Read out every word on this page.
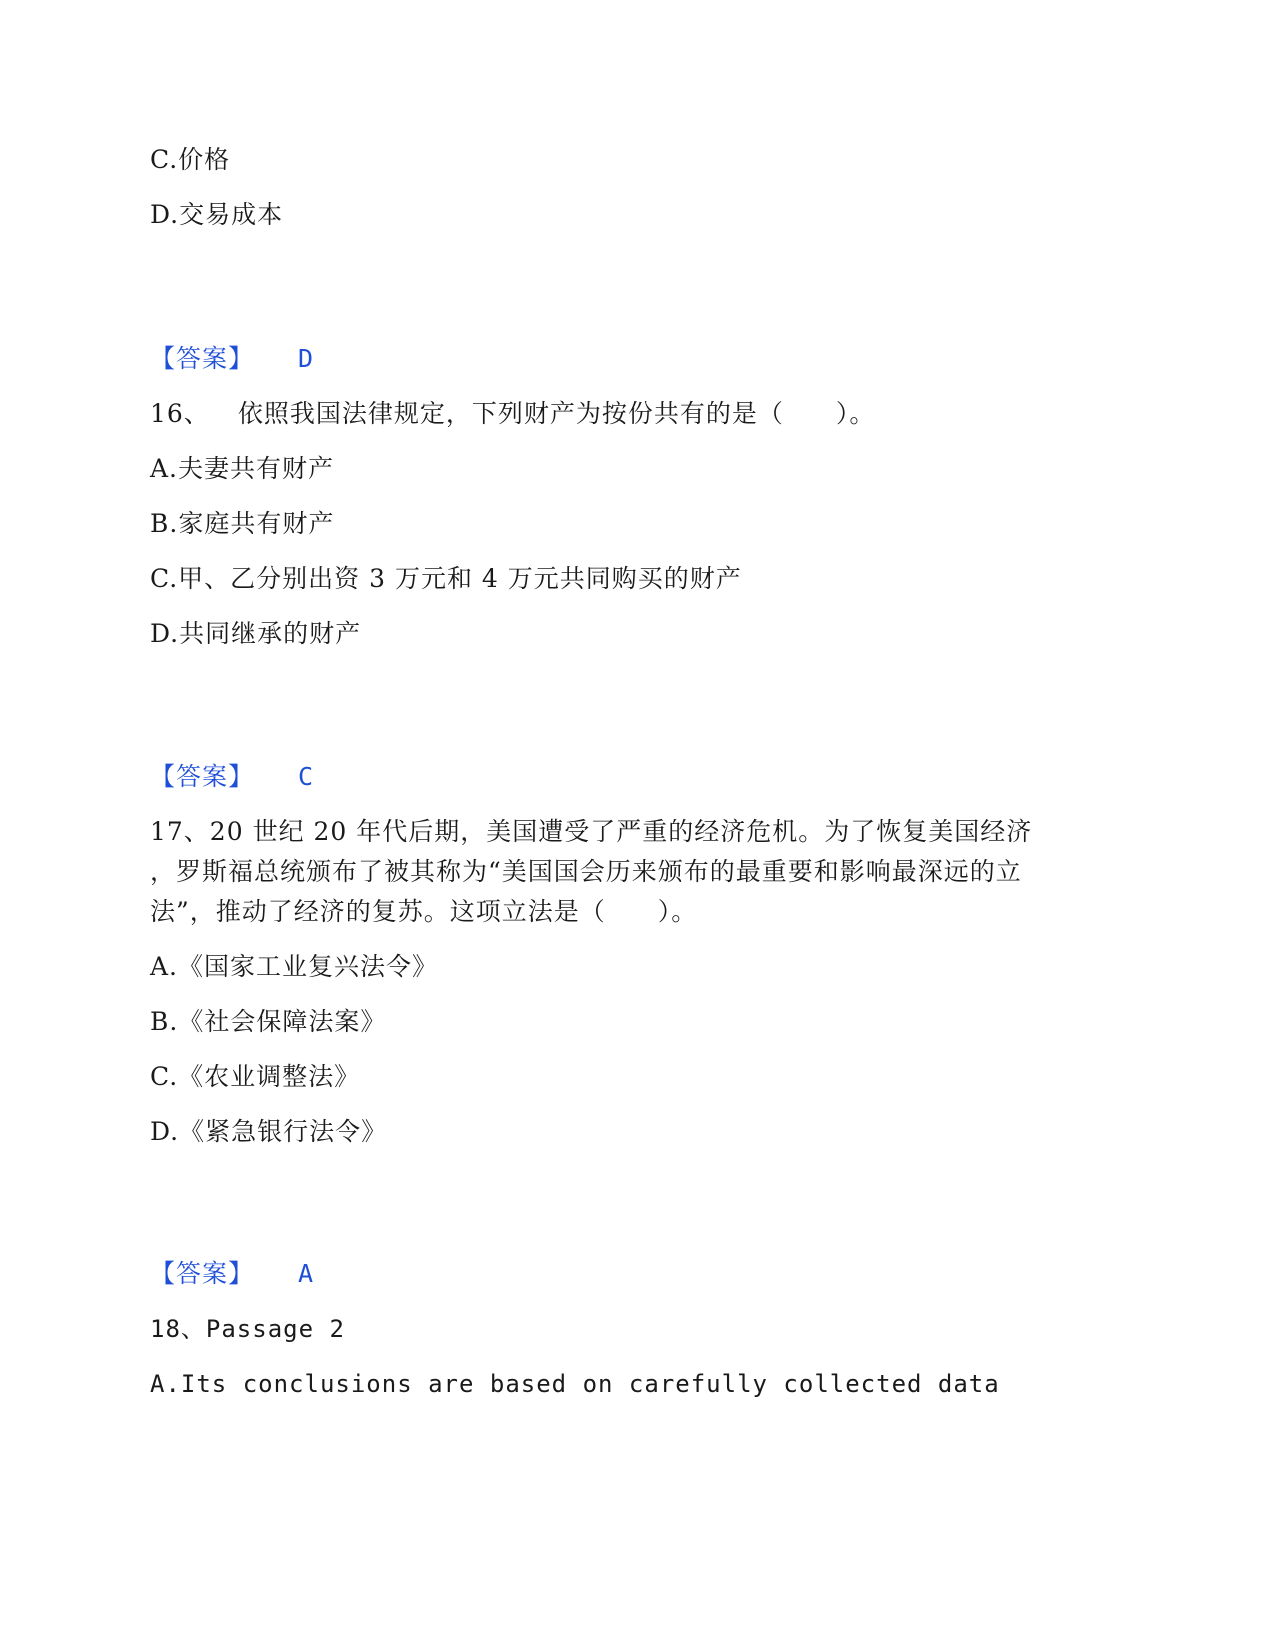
C.价格
D.交易成本
【答案】 D
16、 依照我国法律规定，下列财产为按份共有的是（　　）。
A.夫妻共有财产
B.家庭共有财产
C.甲、乙分别出资 3 万元和 4 万元共同购买的财产
D.共同继承的财产
【答案】 C
17、20 世纪 20 年代后期，美国遭受了严重的经济危机。为了恢复美国经济
，罗斯福总统颁布了被其称为“美国国会历来颁布的最重要和影响最深远的立
法”，推动了经济的复苏。这项立法是（　　）。
A.《国家工业复兴法令》
B.《社会保障法案》
C.《农业调整法》
D.《紧急银行法令》
【答案】 A
18、Passage 2
A.Its conclusions are based on carefully collected data
